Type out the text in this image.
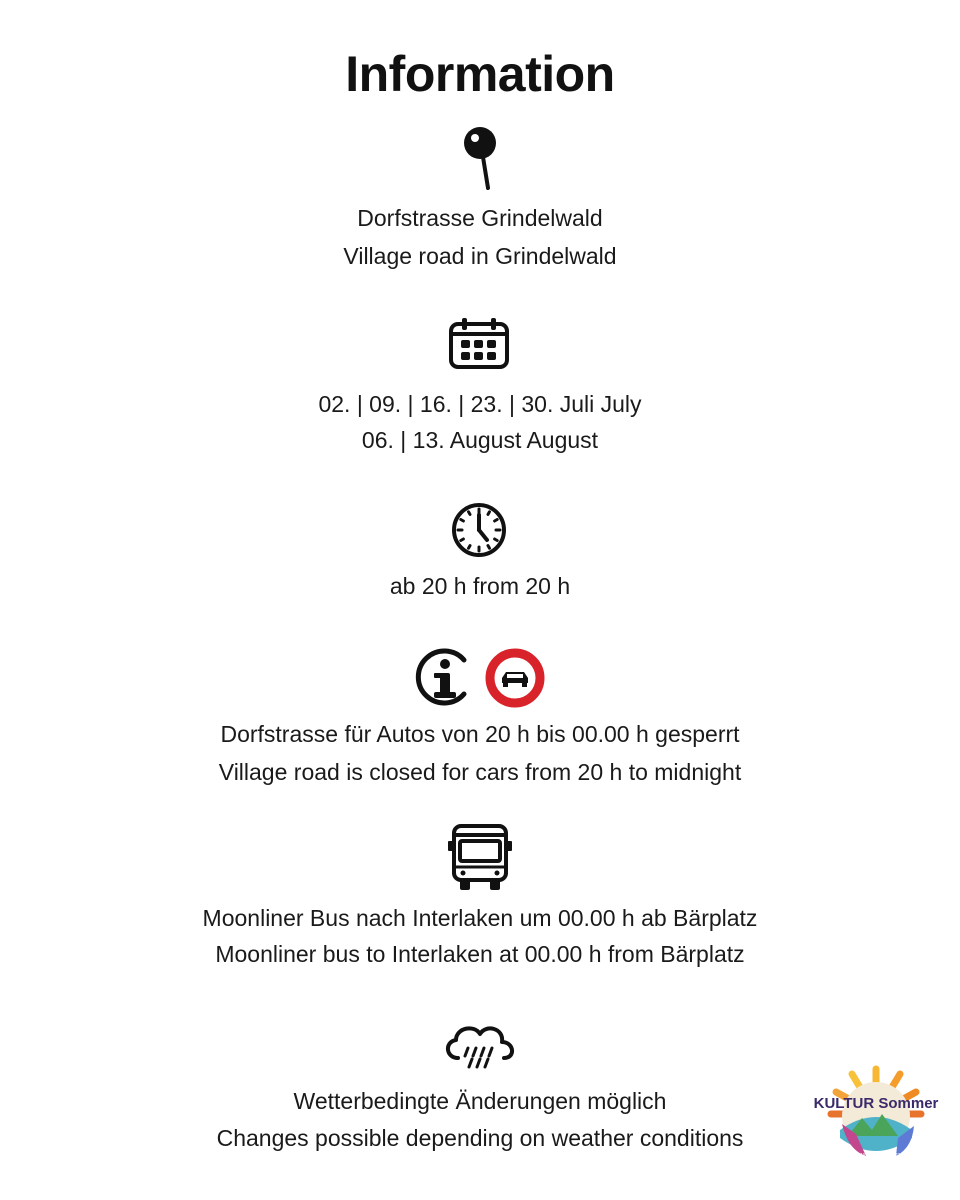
Information
Dorfstrasse Grindelwald
Village road in Grindelwald
02. | 09. | 16. | 23. | 30. Juli July
06. | 13. August August
ab 20 h from 20 h
Dorfstrasse für Autos von 20 h bis 00.00 h gesperrt
Village road is closed for cars from 20 h to midnight
Moonliner Bus nach Interlaken um 00.00 h ab Bärplatz
Moonliner bus to Interlaken at 00.00 h from Bärplatz
Wetterbedingte Änderungen möglich
Changes possible depending on weather conditions
KULTUR Sommer
GRINDELWALD 2023
